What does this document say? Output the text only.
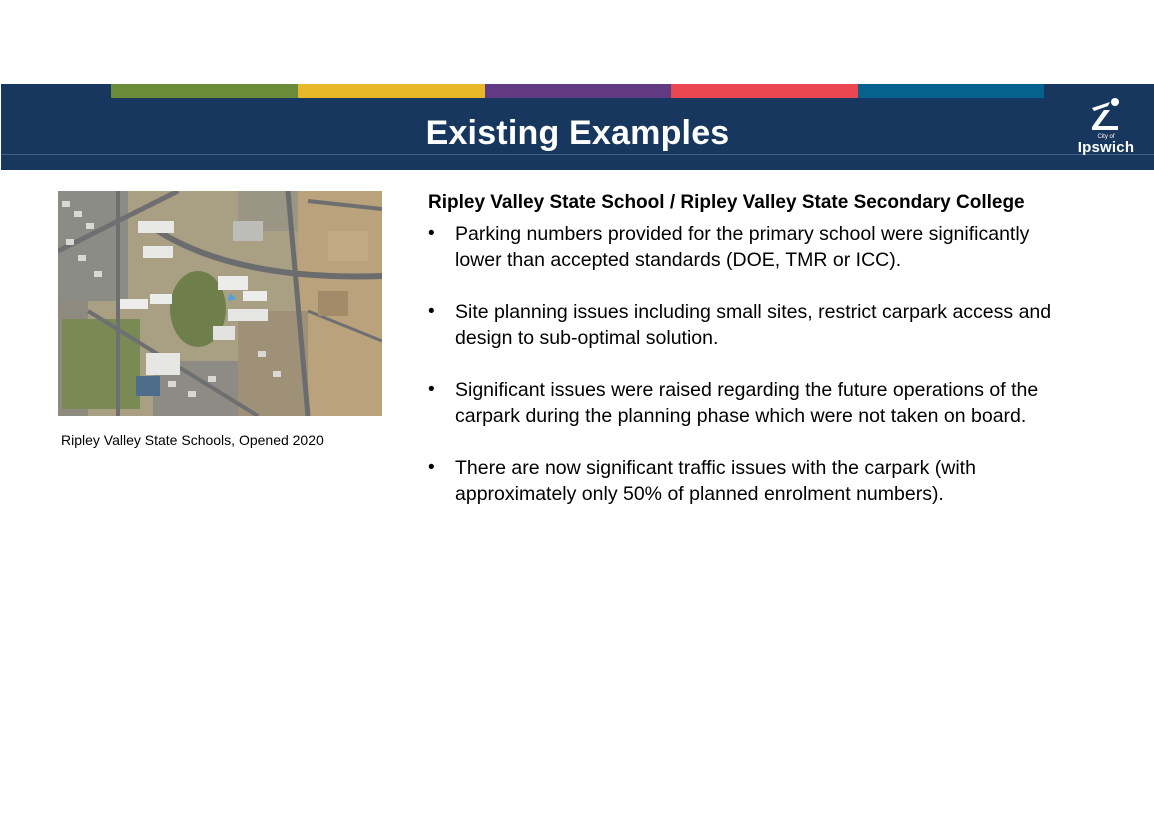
Existing Examples	City of
Ipswich
Ripley Valley State Schools, Opened 2020
Ripley Valley State School / Ripley Valley State Secondary College
• Parking numbers provided for the primary school were significantly
lower than accepted standards (DOE, TMR or ICC).
• Site planning issues including small sites, restrict carpark access and
design to sub-optimal solution.
• Significant issues were raised regarding the future operations of the
carpark during the planning phase which were not taken on board.
• There are now significant traffic issues with the carpark (with
approximately only 50% of planned enrolment numbers).
